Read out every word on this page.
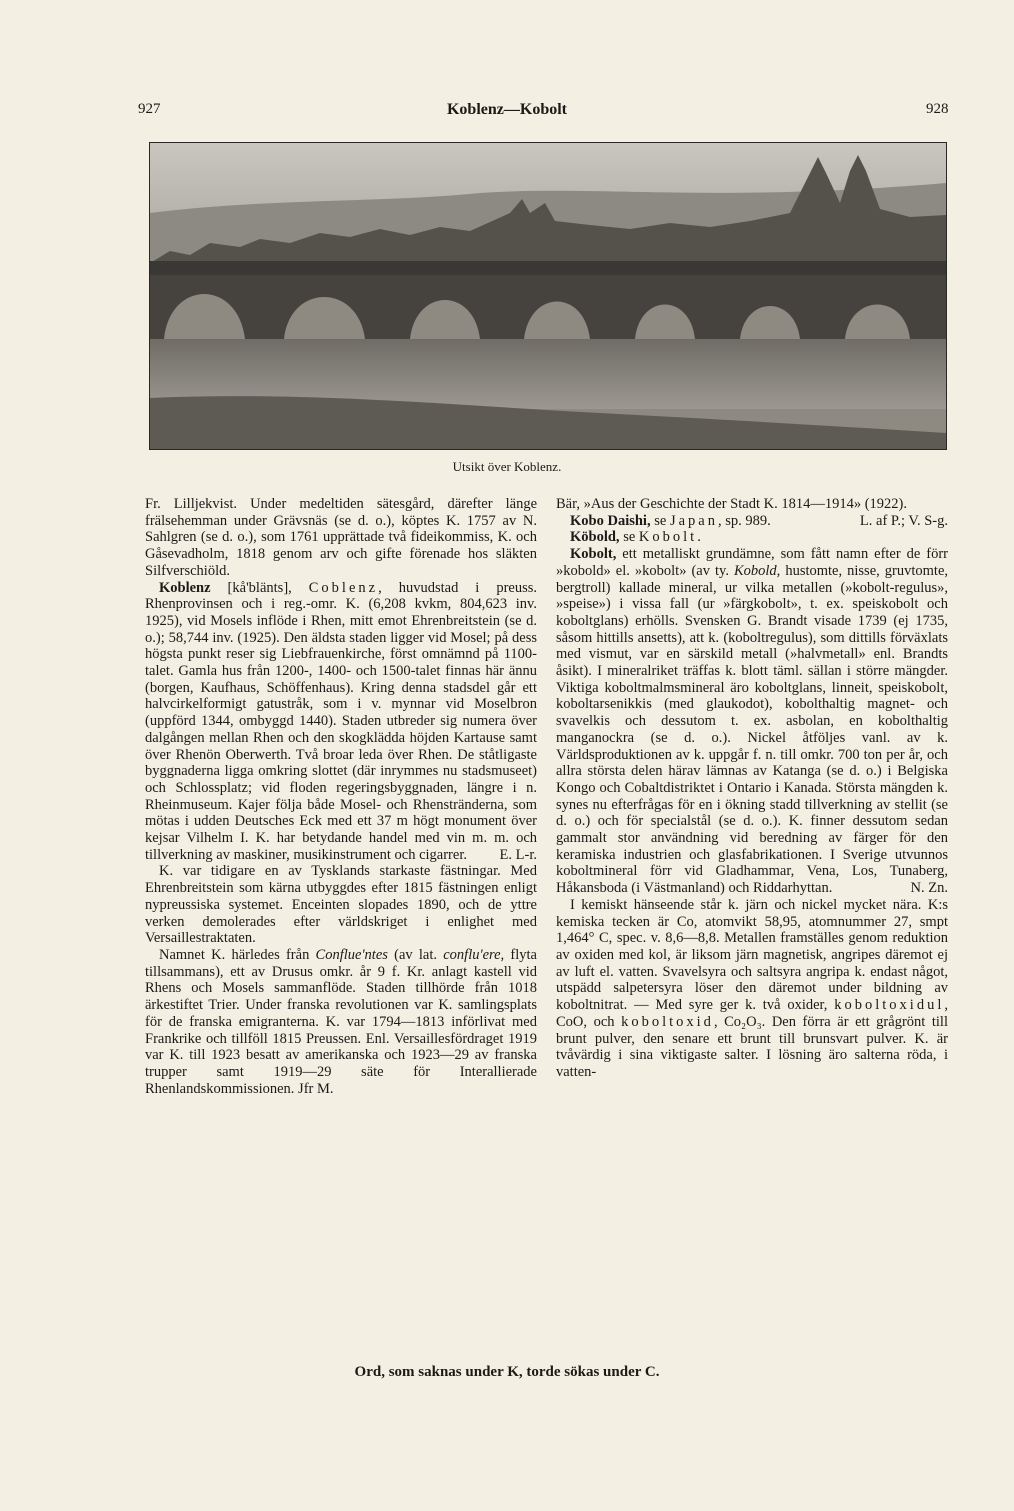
927	Koblenz—Kobolt	928
Utsikt över Koblenz.

Fr. Lilljekvist. Under medeltiden sätesgård, därefter länge frälsehemman under Grävsnäs (se d. o.), köptes K. 1757 av N. Sahlgren (se d. o.), som 1761 upprättade två fideikommiss, K. och Gåsevadholm, 1818 genom arv och gifte förenade hos släkten Silfverschiöld.

Koblenz [kå'blänts], Coblenz, huvudstad i preuss. Rhenprovinsen och i reg.-omr. K. (6,208 kvkm, 804,623 inv. 1925), vid Mosels inflöde i Rhen, mitt emot Ehrenbreitstein (se d. o.); 58,744 inv. (1925). Den äldsta staden ligger vid Mosel; på dess högsta punkt reser sig Liebfrauenkirche, först omnämnd på 1100-talet. Gamla hus från 1200-, 1400- och 1500-talet finnas här ännu (borgen, Kaufhaus, Schöffenhaus). Kring denna stadsdel går ett halvcirkelformigt gatustråk, som i v. mynnar vid Moselbron (uppförd 1344, ombyggd 1440). Staden utbreder sig numera över dalgången mellan Rhen och den skogklädda höjden Kartause samt över Rhenön Oberwerth. Två broar leda över Rhen. De ståtligaste byggnaderna ligga omkring slottet (där inrymmes nu stadsmuseet) och Schlossplatz; vid floden regeringsbyggnaden, längre i n. Rheinmuseum. Kajer följa både Mosel- och Rhenstränderna, som mötas i udden Deutsches Eck med ett 37 m högt monument över kejsar Vilhelm I. K. har betydande handel med vin m. m. och tillverkning av maskiner, musikinstrument och cigarrer.	E. L-r.

K. var tidigare en av Tysklands starkaste fästningar. Med Ehrenbreitstein som kärna utbyggdes efter 1815 fästningen enligt nypreussiska systemet. Enceinten slopades 1890, och de yttre verken demolerades efter världskriget i enlighet med Versaillestraktaten.

Namnet K. härledes från Conflue'ntes (av lat. conflu'ere, flyta tillsammans), ett av Drusus omkr. år 9 f. Kr. anlagt kastell vid Rhens och Mosels sammanflöde. Staden tillhörde från 1018 ärkestiftet Trier. Under franska revolutionen var K. samlingsplats för de franska emigranterna. K. var 1794—1813 införlivat med Frankrike och tillföll 1815 Preussen. Enl. Versaillesfördraget 1919 var K. till 1923 besatt av amerikanska och 1923—29 av franska trupper samt 1919—29 säte för Interallierade Rhenlandskommissionen. Jfr M.

Bär, »Aus der Geschichte der Stadt K. 1814—1914» (1922).
L. af P.; V. S-g.

Kobo Daishi, se Japan, sp. 989.

Köbold, se Kobolt.

Kobolt, ett metalliskt grundämne, som fått namn efter de förr »kobold» el. »kobolt» (av ty. Kobold, hustomte, nisse, gruvtomte, bergtroll) kallade mineral, ur vilka metallen (»kobolt-regulus», »speise») i vissa fall (ur »färgkobolt», t. ex. speiskobolt och koboltglans) erhölls. Svensken G. Brandt visade 1739 (ej 1735, såsom hittills ansetts), att k. (koboltregulus), som dittills förväxlats med vismut, var en särskild metall (»halvmetall» enl. Brandts åsikt). I mineralriket träffas k. blott täml. sällan i större mängder. Viktiga koboltmalmsmineral äro koboltglans, linneit, speiskobolt, koboltarsenikkis (med glaukodot), kobolthaltig magnet- och svavelkis och dessutom t. ex. asbolan, en kobolthaltig manganockra (se d. o.). Nickel åtföljes vanl. av k. Världsproduktionen av k. uppgår f. n. till omkr. 700 ton per år, och allra största delen härav lämnas av Katanga (se d. o.) i Belgiska Kongo och Cobaltdistriktet i Ontario i Kanada. Största mängden k. synes nu efterfrågas för en i ökning stadd tillverkning av stellit (se d. o.) och för specialstål (se d. o.). K. finner dessutom sedan gammalt stor användning vid beredning av färger för den keramiska industrien och glasfabrikationen. I Sverige utvunnos koboltmineral förr vid Gladhammar, Vena, Los, Tunaberg, Håkansboda (i Västmanland) och Riddarhyttan.	N. Zn.

I kemiskt hänseende står k. järn och nickel mycket nära. K:s kemiska tecken är Co, atomvikt 58,95, atomnummer 27, smpt 1,464° C, spec. v. 8,6—8,8. Metallen framställes genom reduktion av oxiden med kol, är liksom järn magnetisk, angripes däremot ej av luft el. vatten. Svavelsyra och saltsyra angripa k. endast något, utspädd salpetersyra löser den däremot under bildning av koboltnitrat. — Med syre ger k. två oxider, koboltoxidul, CoO, och koboltoxid, Co₂O₃. Den förra är ett grågrönt till brunt pulver, den senare ett brunt till brunsvart pulver. K. är tvåvärdig i sina viktigaste salter. I lösning äro salterna röda, i vatten-

Ord, som saknas under K, torde sökas under C.
